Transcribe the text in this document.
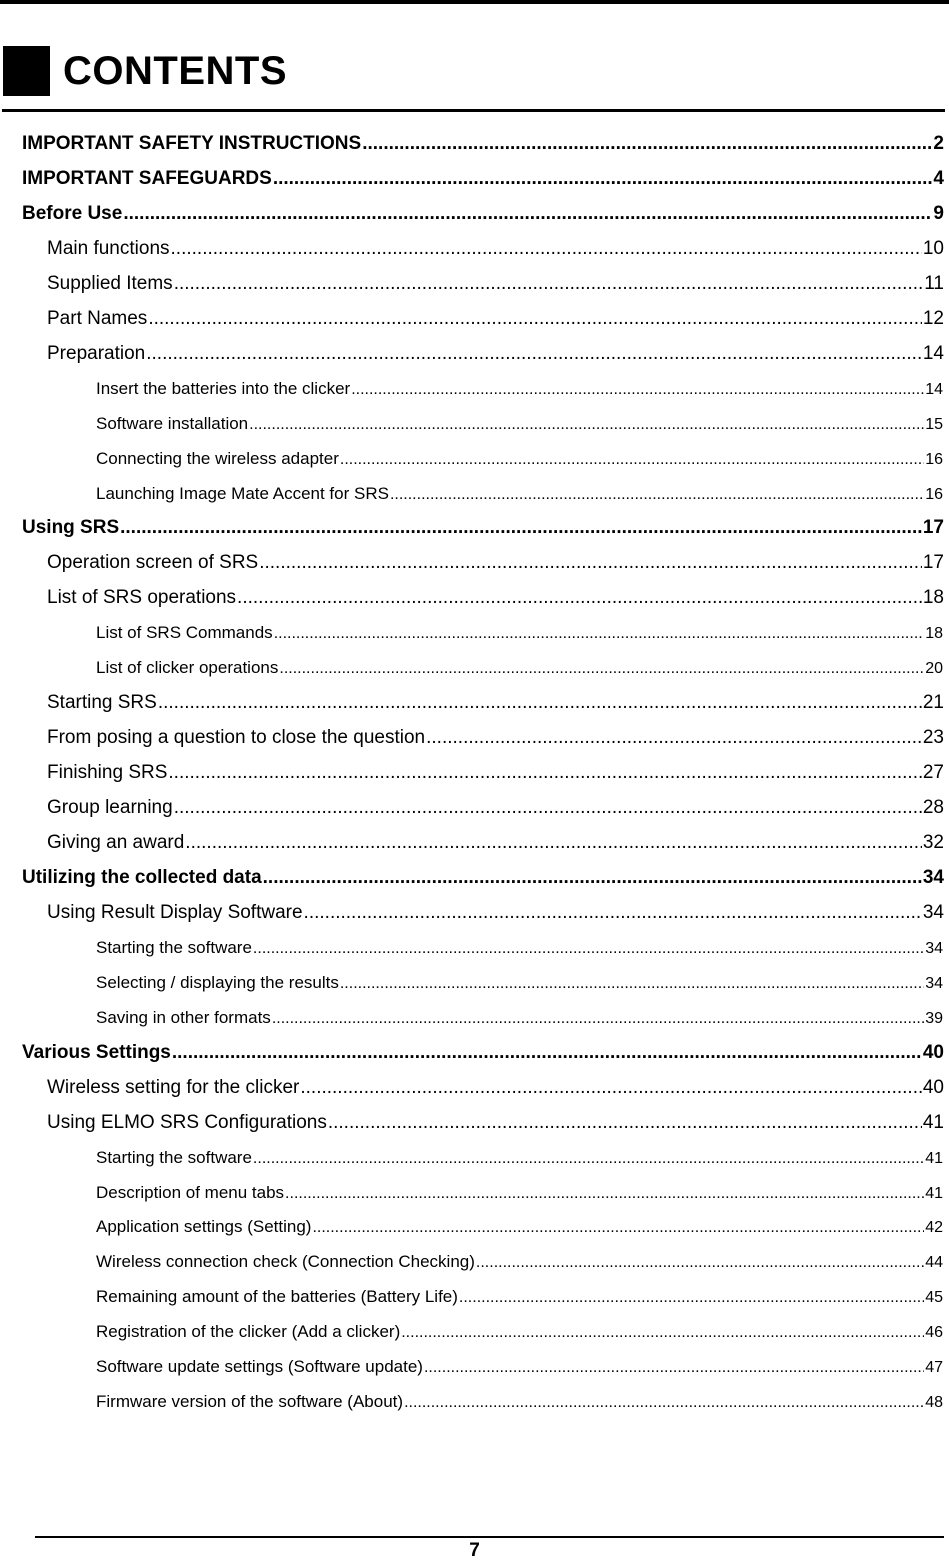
CONTENTS
IMPORTANT SAFETY INSTRUCTIONS .....	2
IMPORTANT SAFEGUARDS .....	4
Before Use .....	9
Main functions .....	10
Supplied Items .....	11
Part Names .....	12
Preparation .....	14
Insert the batteries into the clicker .....	14
Software installation .....	15
Connecting the wireless adapter .....	16
Launching Image Mate Accent for SRS .....	16
Using SRS .....	17
Operation screen of SRS .....	17
List of SRS operations .....	18
List of SRS Commands .....	18
List of clicker operations .....	20
Starting SRS .....	21
From posing a question to close the question .....	23
Finishing SRS .....	27
Group learning .....	28
Giving an award .....	32
Utilizing the collected data .....	34
Using Result Display Software .....	34
Starting the software .....	34
Selecting / displaying the results .....	34
Saving in other formats .....	39
Various Settings .....	40
Wireless setting for the clicker .....	40
Using ELMO SRS Configurations .....	41
Starting the software .....	41
Description of menu tabs .....	41
Application settings (Setting) .....	42
Wireless connection check (Connection Checking) .....	44
Remaining amount of the batteries (Battery Life) .....	45
Registration of the clicker (Add a clicker) .....	46
Software update settings (Software update) .....	47
Firmware version of the software (About) .....	48
7
